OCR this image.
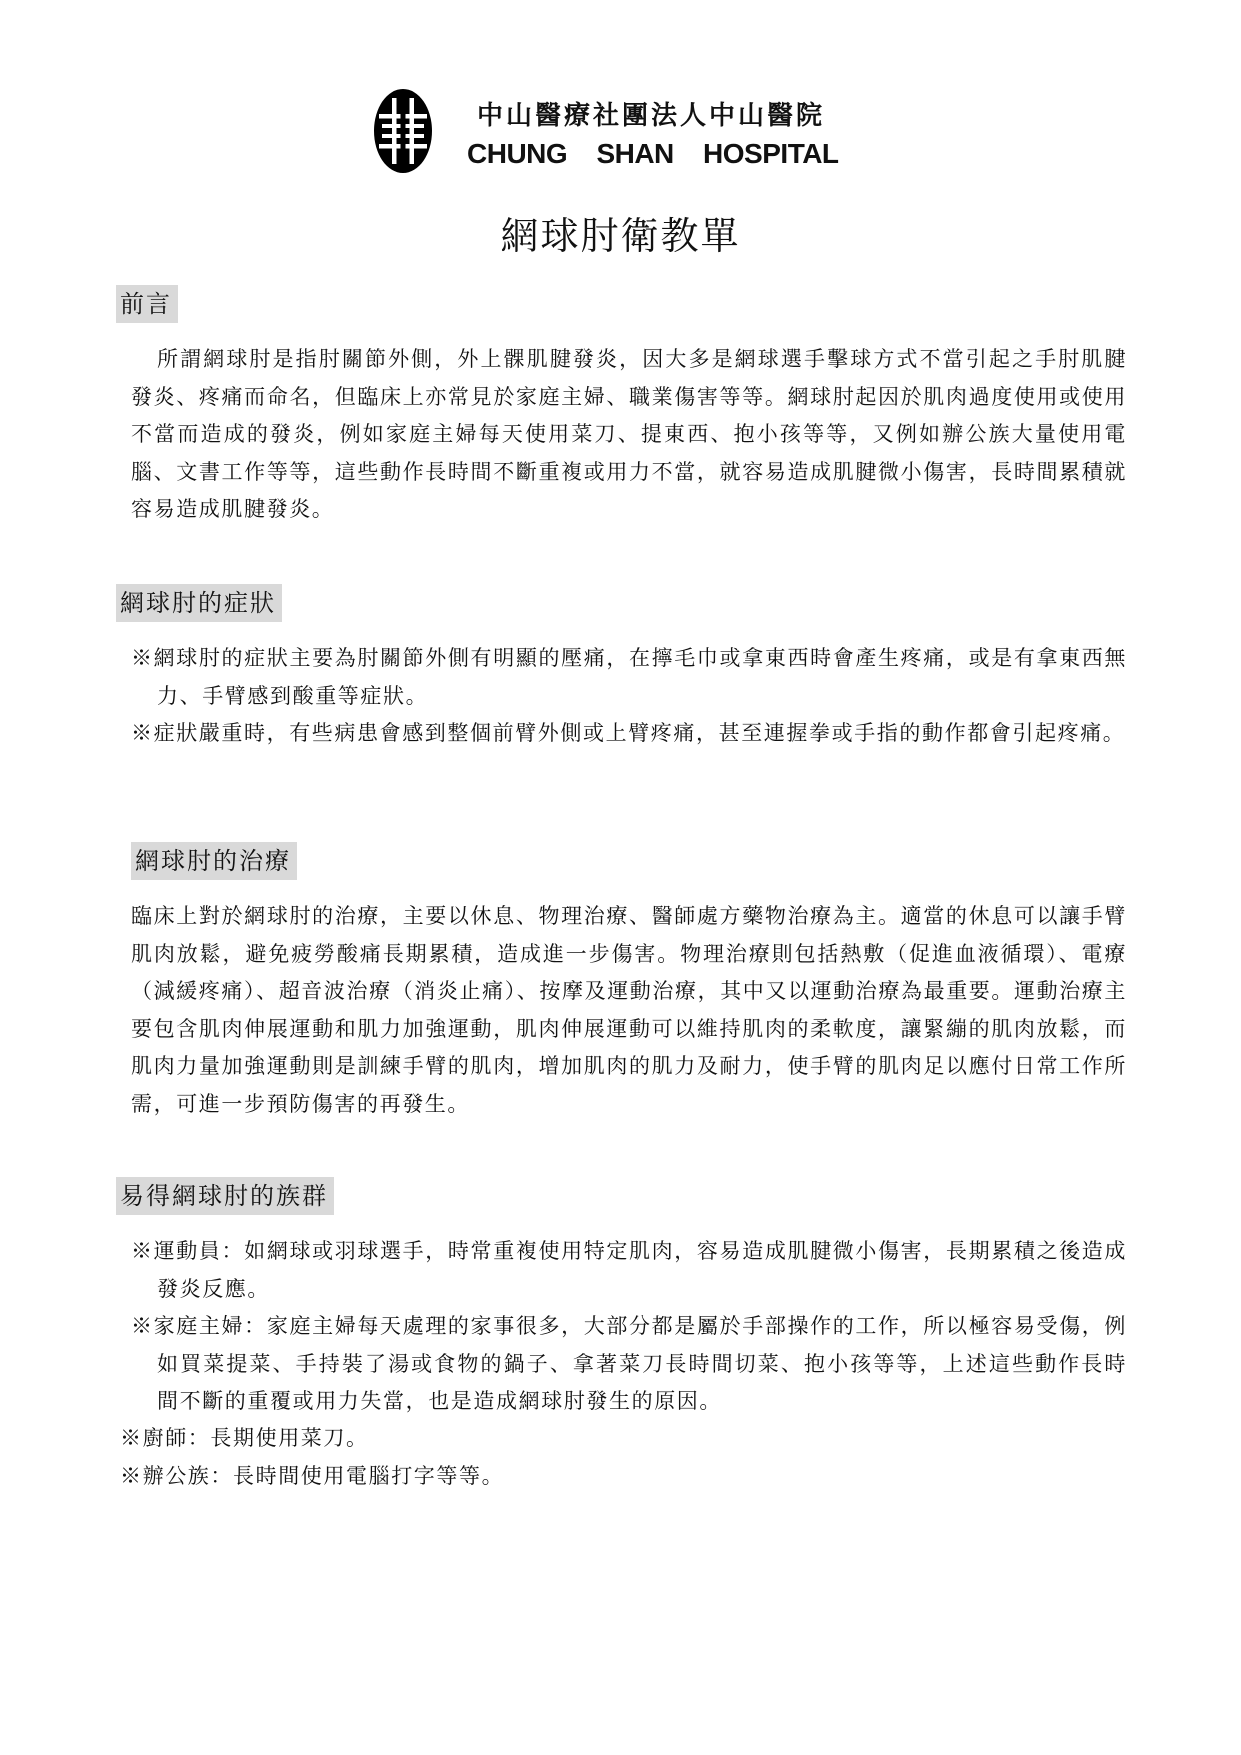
中山醫療社團法人中山醫院
CHUNG SHAN HOSPITAL
網球肘衛教單
前言
所謂網球肘是指肘關節外側，外上髁肌腱發炎，因大多是網球選手擊球方式不當引起之手肘肌腱發炎、疼痛而命名，但臨床上亦常見於家庭主婦、職業傷害等等。網球肘起因於肌肉過度使用或使用不當而造成的發炎，例如家庭主婦每天使用菜刀、提東西、抱小孩等等，又例如辦公族大量使用電腦、文書工作等等，這些動作長時間不斷重複或用力不當，就容易造成肌腱微小傷害，長時間累積就容易造成肌腱發炎。
網球肘的症狀
※網球肘的症狀主要為肘關節外側有明顯的壓痛，在擰毛巾或拿東西時會產生疼痛，或是有拿東西無力、手臂感到酸重等症狀。
※症狀嚴重時，有些病患會感到整個前臂外側或上臂疼痛，甚至連握拳或手指的動作都會引起疼痛。
網球肘的治療
臨床上對於網球肘的治療，主要以休息、物理治療、醫師處方藥物治療為主。適當的休息可以讓手臂肌肉放鬆，避免疲勞酸痛長期累積，造成進一步傷害。物理治療則包括熱敷（促進血液循環）、電療（減緩疼痛）、超音波治療（消炎止痛）、按摩及運動治療，其中又以運動治療為最重要。運動治療主要包含肌肉伸展運動和肌力加強運動，肌肉伸展運動可以維持肌肉的柔軟度，讓緊繃的肌肉放鬆，而肌肉力量加強運動則是訓練手臂的肌肉，增加肌肉的肌力及耐力，使手臂的肌肉足以應付日常工作所需，可進一步預防傷害的再發生。
易得網球肘的族群
※運動員：如網球或羽球選手，時常重複使用特定肌肉，容易造成肌腱微小傷害，長期累積之後造成發炎反應。
※家庭主婦：家庭主婦每天處理的家事很多，大部分都是屬於手部操作的工作，所以極容易受傷，例如買菜提菜、手持裝了湯或食物的鍋子、拿著菜刀長時間切菜、抱小孩等等，上述這些動作長時間不斷的重覆或用力失當，也是造成網球肘發生的原因。
※廚師：長期使用菜刀。
※辦公族：長時間使用電腦打字等等。
